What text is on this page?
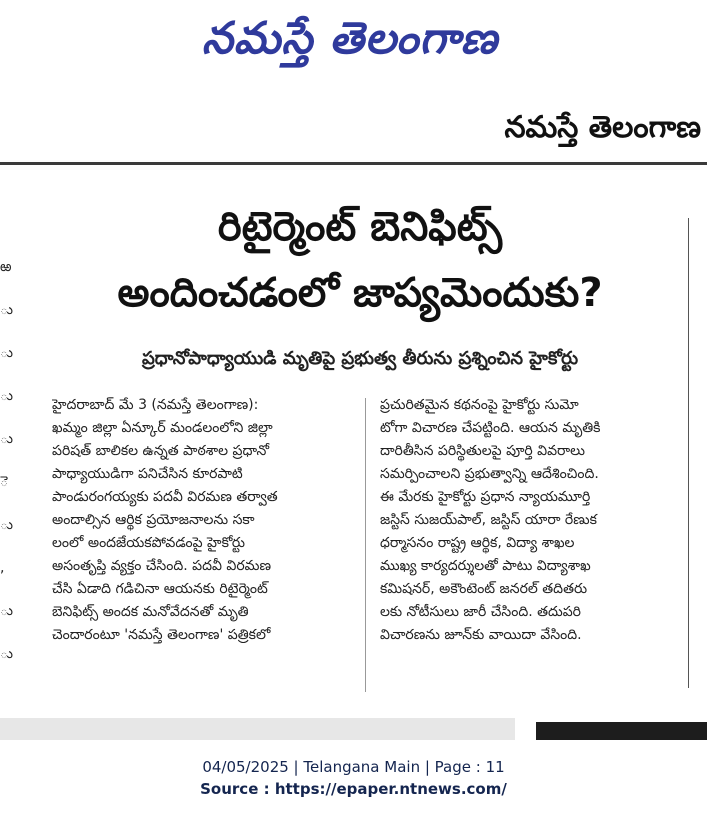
నమస్తే తెలంగాణ
నమస్తే తెలంగాణ
ఱ
ు
ు
ు
ు
ె
ు
,
ు
ు
రిటైర్మెంట్ బెనిఫిట్స్
అందించడంలో జాప్యమెందుకు?
ప్రధానోపాధ్యాయుడి మృతిపై ప్రభుత్వ తీరును ప్రశ్నించిన హైకోర్టు
హైదరాబాద్ మే 3 (నమస్తే తెలంగాణ):
ఖమ్మం జిల్లా ఏన్కూర్ మండలంలోని జిల్లా
పరిషత్ బాలికల ఉన్నత పాఠశాల ప్రధానో
పాధ్యాయుడిగా పనిచేసిన కూరపాటి
పాండురంగయ్యకు పదవీ విరమణ తర్వాత
అందాల్సిన ఆర్థిక ప్రయోజనాలను సకా
లంలో అందజేయకపోవడంపై హైకోర్టు
అసంతృప్తి వ్యక్తం చేసింది. పదవీ విరమణ
చేసి ఏడాది గడిచినా ఆయనకు రిటైర్మెంట్
బెనిఫిట్స్ అందక మనోవేదనతో మృతి
చెందారంటూ 'నమస్తే తెలంగాణ' పత్రికలో
ప్రచురితమైన కథనంపై హైకోర్టు సుమో
టోగా విచారణ చేపట్టింది. ఆయన మృతికి
దారితీసిన పరిస్థితులపై పూర్తి వివరాలు
సమర్పించాలని ప్రభుత్వాన్ని ఆదేశించింది.
ఈ మేరకు హైకోర్టు ప్రధాన న్యాయమూర్తి
జస్టిస్ సుజయ్‌పాల్, జస్టిస్ యారా రేణుక
ధర్మాసనం రాష్ట్ర ఆర్థిక, విద్యా శాఖల
ముఖ్య కార్యదర్శులతో పాటు విద్యాశాఖ
కమిషనర్, అకౌంటెంట్ జనరల్ తదితరు
లకు నోటీసులు జారీ చేసింది. తదుపరి
విచారణను జూన్‌కు వాయిదా వేసింది.
04/05/2025 | Telangana Main | Page : 11
Source : https://epaper.ntnews.com/
